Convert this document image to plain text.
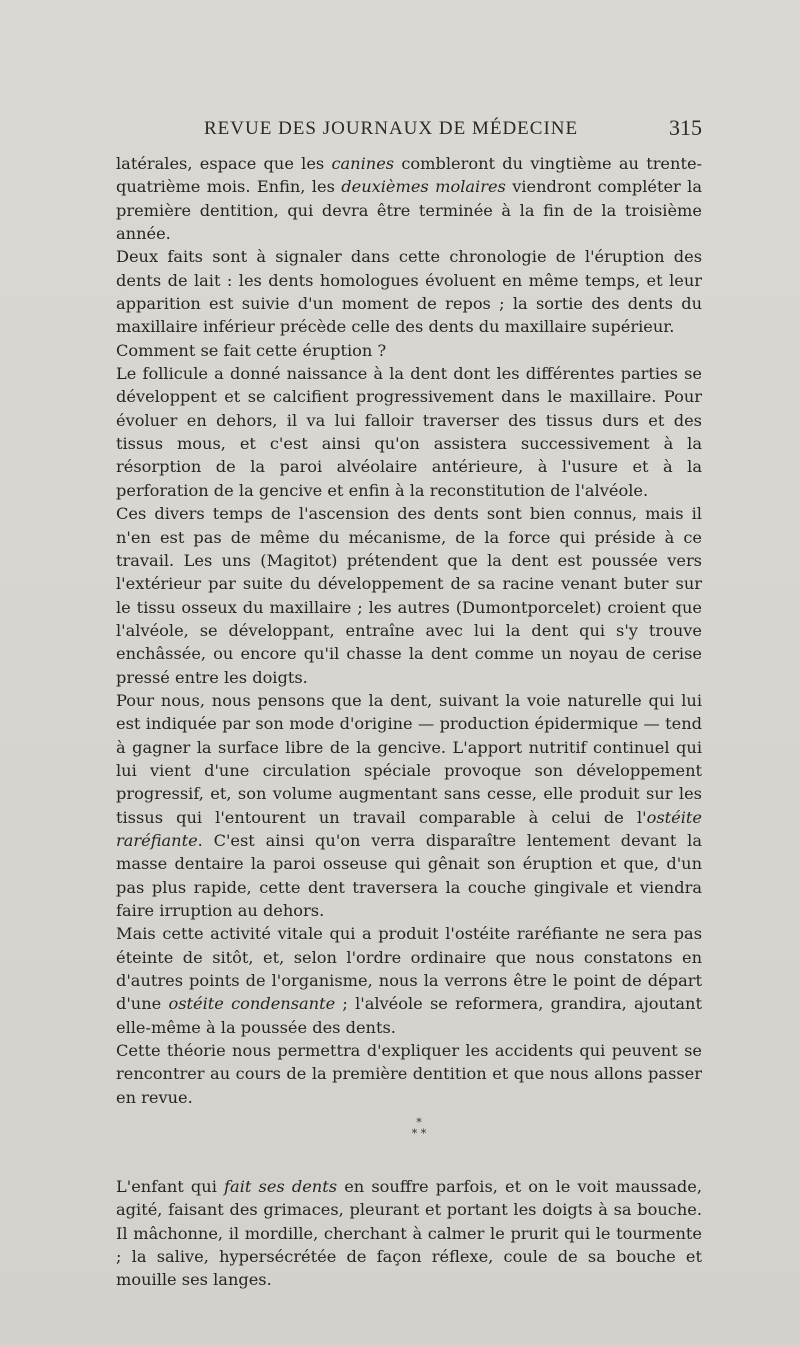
REVUE DES JOURNAUX DE MÉDECINE	315

latérales, espace que les canines combleront du vingtième au trente-quatrième mois. Enfin, les deuxièmes molaires viendront compléter la première dentition, qui devra être terminée à la fin de la troisième année.

Deux faits sont à signaler dans cette chronologie de l'éruption des dents de lait : les dents homologues évoluent en même temps, et leur apparition est suivie d'un moment de repos ; la sortie des dents du maxillaire inférieur précède celle des dents du maxillaire supérieur.

Comment se fait cette éruption ?

Le follicule a donné naissance à la dent dont les différentes parties se développent et se calcifient progressivement dans le maxillaire. Pour évoluer en dehors, il va lui falloir traverser des tissus durs et des tissus mous, et c'est ainsi qu'on assistera successivement à la résorption de la paroi alvéolaire antérieure, à l'usure et à la perforation de la gencive et enfin à la reconstitution de l'alvéole.

Ces divers temps de l'ascension des dents sont bien connus, mais il n'en est pas de même du mécanisme, de la force qui préside à ce travail. Les uns (Magitot) prétendent que la dent est poussée vers l'extérieur par suite du développement de sa racine venant buter sur le tissu osseux du maxillaire ; les autres (Dumontporcelet) croient que l'alvéole, se développant, entraîne avec lui la dent qui s'y trouve enchâssée, ou encore qu'il chasse la dent comme un noyau de cerise pressé entre les doigts.

Pour nous, nous pensons que la dent, suivant la voie naturelle qui lui est indiquée par son mode d'origine — production épidermique — tend à gagner la surface libre de la gencive. L'apport nutritif continuel qui lui vient d'une circulation spéciale provoque son développement progressif, et, son volume augmentant sans cesse, elle produit sur les tissus qui l'entourent un travail comparable à celui de l'ostéite raréfiante. C'est ainsi qu'on verra disparaître lentement devant la masse dentaire la paroi osseuse qui gênait son éruption et que, d'un pas plus rapide, cette dent traversera la couche gingivale et viendra faire irruption au dehors.

Mais cette activité vitale qui a produit l'ostéite raréfiante ne sera pas éteinte de sitôt, et, selon l'ordre ordinaire que nous constatons en d'autres points de l'organisme, nous la verrons être le point de départ d'une ostéite condensante ; l'alvéole se reformera, grandira, ajoutant elle-même à la poussée des dents.

Cette théorie nous permettra d'expliquer les accidents qui peuvent se rencontrer au cours de la première dentition et que nous allons passer en revue.

*
* *

L'enfant qui fait ses dents en souffre parfois, et on le voit maussade, agité, faisant des grimaces, pleurant et portant les doigts à sa bouche. Il mâchonne, il mordille, cherchant à calmer le prurit qui le tourmente ; la salive, hypersécrétée de façon réflexe, coule de sa bouche et mouille ses langes.
